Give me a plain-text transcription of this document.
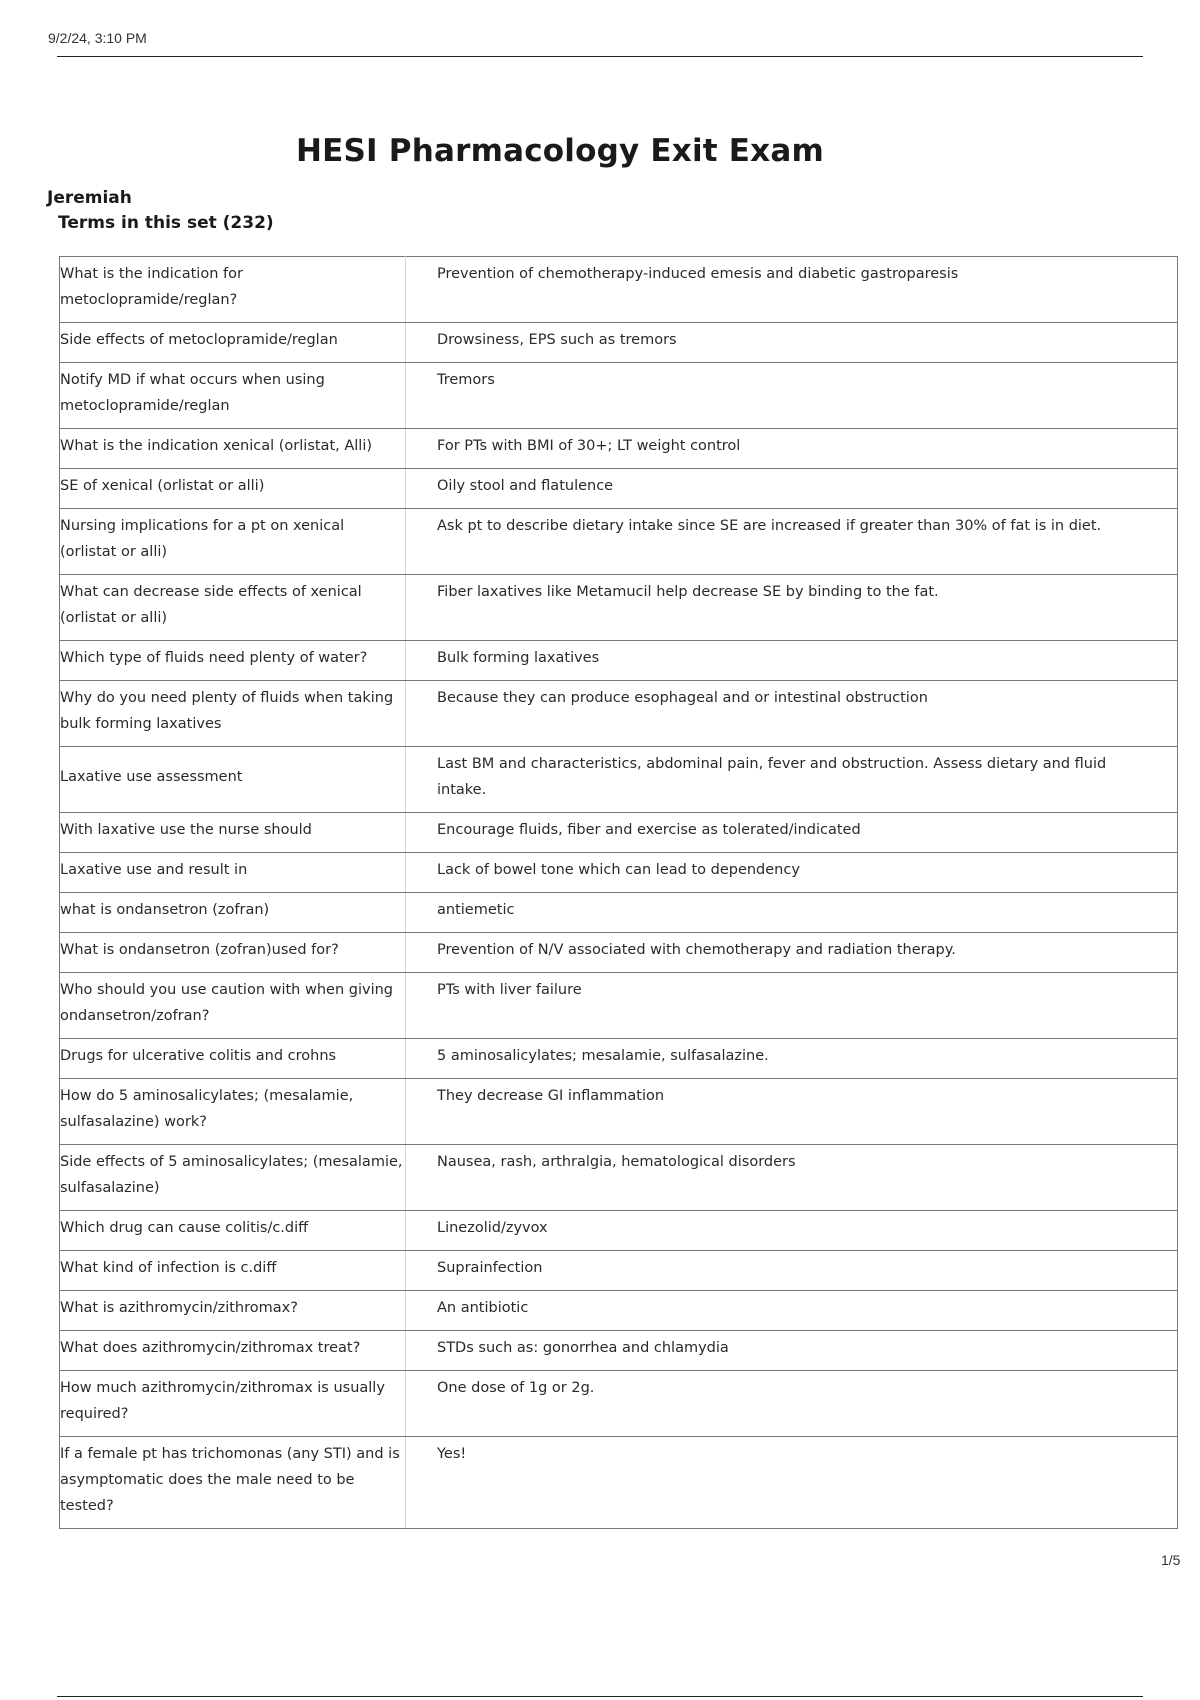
9/2/24, 3:10 PM
HESI Pharmacology Exit Exam
Jeremiah
Terms in this set (232)
What is the indication for metoclopramide/reglan?	Prevention of chemotherapy-induced emesis and diabetic gastroparesis
Side effects of metoclopramide/reglan	Drowsiness, EPS such as tremors
Notify MD if what occurs when using metoclopramide/reglan	Tremors
What is the indication xenical (orlistat, Alli)	For PTs with BMI of 30+; LT weight control
SE of xenical (orlistat or alli)	Oily stool and flatulence
Nursing implications for a pt on xenical (orlistat or alli)	Ask pt to describe dietary intake since SE are increased if greater than 30% of fat is in diet.
What can decrease side effects of xenical (orlistat or alli)	Fiber laxatives like Metamucil help decrease SE by binding to the fat.
Which type of fluids need plenty of water?	Bulk forming laxatives
Why do you need plenty of fluids when taking bulk forming laxatives	Because they can produce esophageal and or intestinal obstruction
Laxative use assessment	Last BM and characteristics, abdominal pain, fever and obstruction. Assess dietary and fluid intake.
With laxative use the nurse should	Encourage fluids, fiber and exercise as tolerated/indicated
Laxative use and result in	Lack of bowel tone which can lead to dependency
what is ondansetron (zofran)	antiemetic
What is ondansetron (zofran)used for?	Prevention of N/V associated with chemotherapy and radiation therapy.
Who should you use caution with when giving ondansetron/zofran?	PTs with liver failure
Drugs for ulcerative colitis and crohns	5 aminosalicylates; mesalamie, sulfasalazine.
How do 5 aminosalicylates; (mesalamie, sulfasalazine) work?	They decrease GI inflammation
Side effects of 5 aminosalicylates; (mesalamie, sulfasalazine)	Nausea, rash, arthralgia, hematological disorders
Which drug can cause colitis/c.diff	Linezolid/zyvox
What kind of infection is c.diff	Suprainfection
What is azithromycin/zithromax?	An antibiotic
What does azithromycin/zithromax treat?	STDs such as: gonorrhea and chlamydia
How much azithromycin/zithromax is usually required?	One dose of 1g or 2g.
If a female pt has trichomonas (any STI) and is asymptomatic does the male need to be tested?	Yes!
1/5
